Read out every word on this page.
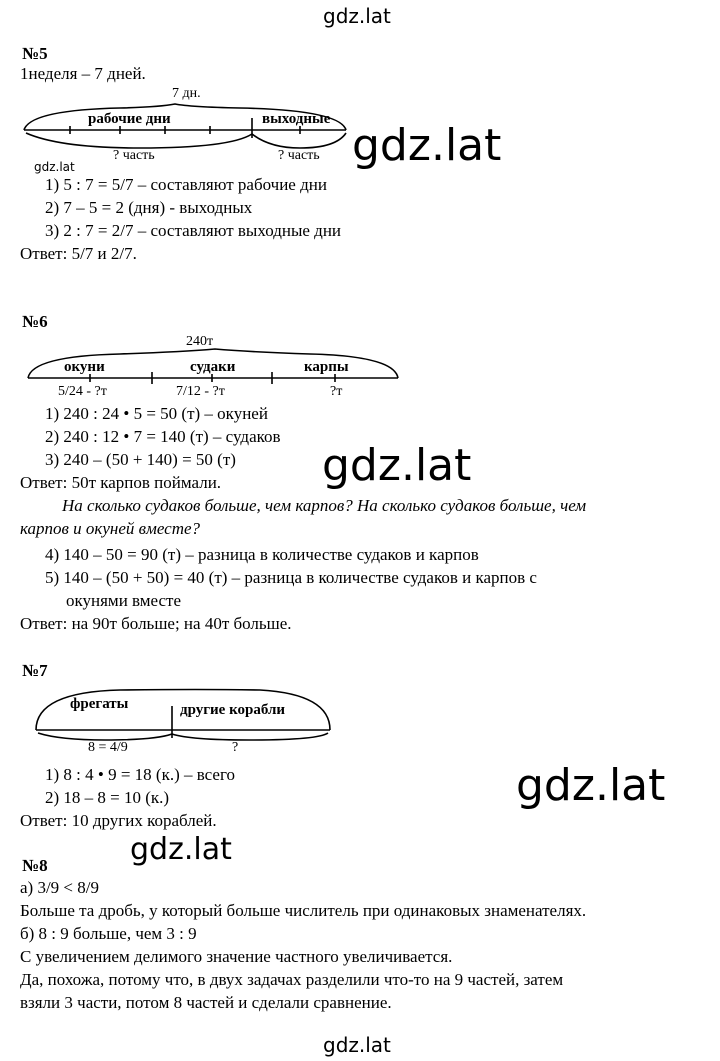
gdz.lat
gdz.lat
gdz.lat
gdz.lat
gdz.lat
gdz.lat
gdz.lat
№5
1неделя – 7 дней.
7 дн.
рабочие дни	выходные
? часть	? часть
1) 5 : 7 = 5/7 – составляют рабочие дни
2) 7 – 5 = 2 (дня) - выходных
3) 2 : 7 = 2/7 – составляют выходные дни
Ответ: 5/7 и 2/7.
№6
240т
окуни	судаки	карпы
5/24 - ?т	7/12 - ?т	?т
1) 240 : 24 • 5 = 50 (т) – окуней
2) 240 : 12 • 7 = 140 (т) – судаков
3) 240 – (50 + 140) = 50 (т)
Ответ: 50т карпов поймали.
На сколько судаков больше, чем карпов? На сколько судаков больше, чем
карпов и окуней вместе?
4) 140 – 50 = 90 (т) – разница в количестве судаков и карпов
5) 140 – (50 + 50) = 40 (т) – разница в количестве судаков и карпов с
окунями вместе
Ответ: на 90т больше; на 40т больше.
№7
фрегаты	другие корабли
8 = 4/9	?
1) 8 : 4 • 9 = 18 (к.) – всего
2) 18 – 8 = 10 (к.)
Ответ: 10 других кораблей.
№8
а) 3/9 < 8/9
Больше та дробь, у который больше числитель при одинаковых знаменателях.
б) 8 : 9 больше, чем 3 : 9
С увеличением делимого значение частного увеличивается.
Да, похожа, потому что, в двух задачах разделили что-то на 9 частей, затем
взяли 3 части, потом 8 частей и сделали сравнение.
